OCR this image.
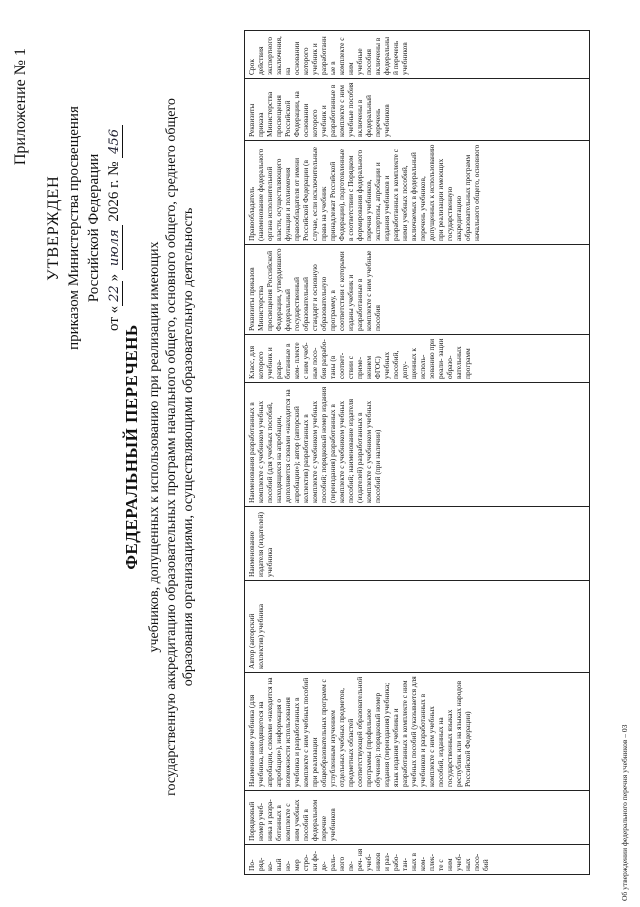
Приложение № 1
УТВЕРЖДЕН приказом Министерства просвещения Российской Федерации
от «22» июля 2026 г. № 456
ФЕДЕРАЛЬНЫЙ ПЕРЕЧЕНЬ учебников, допущенных к использованию при реализации имеющих государственную аккредитацию образовательных программ начального общего, основного общего, среднего общего образования организациями, осуществляющими образовательную деятельность
По- ряд- ко- вый но- мер стро- ки фе- де- раль- ного пе- реч- ня учеб- ников и раз- рабо- тан- ных в ком- плек- те с ним учеб- ных посо- бий	Порядковый номер учеб- ника и разра- ботанных в комплекте с ним учебных пособий в федеральном перечне учебников	Наименование учебника (для учебника, находящегося на апробации, словами «находится на апробации»), информация о возможности использования учебника и разработанных в комплекте с ним учебных пособий при реализации общеобразовательных программ с углубленным изучением отдельных учебных предметов, предметных областей соответствующей образовательной программы (профильное обучение); порядковый номер издания (переиздания) учебника; язык издания учебника и разработанных в комплекте с ним учебных пособий (указывается для учебников и разработанных в комплекте с ним учебных пособий, изданных на государственных языках республик или на языках народов Российской Федерации)	Автор (авторский коллектив) учебника	Наименование издателя (издателей) учебника	Наименования разработанных в комплекте с учебником учебных пособий (для учебных пособий, находящихся на апробации, дополняется словами «находится на апробации»); автор (авторский коллектив) разработанных в комплекте с учебником учебных пособий; порядковый номер издания (переиздания) разработанных в комплекте с учебником учебных пособий; наименование издателя (издателей) разработанных в комплекте с учебником учебных пособий (при наличии)	Класс, для которого учебник и разра- ботанные в ком- плекте с ним учеб- ные посо- бия разрабо- таны (в соответ- ствии с приме- нением ФГОС) учебных пособий, допу- щенных к исполь- зованию при реали- зации образо- вательных программ	Реквизиты приказов Министерства просвещения Российской Федерации, утвердившего федеральный государственный образовательный стандарт и основную образовательную программу, в соответствии с которыми изданы учебник и разработанные в комплекте с ним учебные пособия	Правообладатель (наименование федерального органа исполнительной власти, осуществляющего функции и полномочия правообладателя от имени Российской Федерации (в случае, если исключительные права на учебник принадлежат Российской Федерации), подготовленные в соответствии с Порядком формирования федерального перечня учебников, экспертизы, апробации и издания учебников и разработанных в комплекте с ними учебных пособий, включаемых в федеральный перечень учебников, допущенных к использованию при реализации имеющих государственную аккредитацию образовательных программ начального общего, основного	Реквизиты приказа Министерства просвещения Российской Федерации, на основании которого учебник и разработанные в комплекте с ним учебные пособия включены в федеральный перечень учебников	Срок действия экспертного заключения, на основании которого учебник и разработанные в комплекте с ним учебные пособия включены в федеральный перечень учебников
Об утверждении федерального перечня учебников – 03
